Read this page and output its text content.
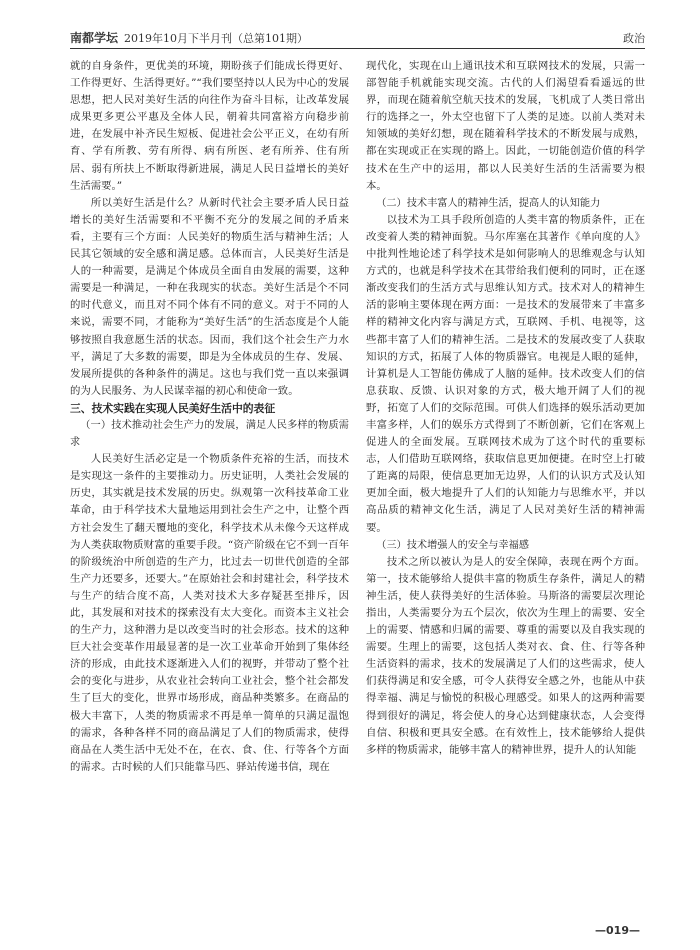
南都学坛 2019年10月下半月刊（总第101期）	政治

就的自身条件，更优美的环境，期盼孩子们能成长得更好、工作得更好、生活得更好。”“我们要坚持以人民为中心的发展思想，把人民对美好生活的向往作为奋斗目标，让改革发展成果更多更公平惠及全体人民，朝着共同富裕方向稳步前进，在发展中补齐民生短板、促进社会公平正义，在幼有所育、学有所教、劳有所得、病有所医、老有所养、住有所居、弱有所扶上不断取得新进展，满足人民日益增长的美好生活需要。”

所以美好生活是什么？从新时代社会主要矛盾人民日益增长的美好生活需要和不平衡不充分的发展之间的矛盾来看，主要有三个方面：人民美好的物质生活与精神生活；人民其它领域的安全感和满足感。总体而言，人民美好生活是人的一种需要，是满足个体成员全面自由发展的需要，这种需要是一种满足，一种在我现实的状态。美好生活是个不同的时代意义，而且对不同个体有不同的意义。对于不同的人来说，需要不同，才能称为“美好生活”的生活态度是个人能够按照自我意愿生活的状态。因而，我们这个社会生产力水平，满足了大多数的需要，即是为全体成员的生存、发展、发展所提供的各种条件的满足。这也与我们党一直以来强调的为人民服务、为人民谋幸福的初心和使命一致。

三、技术实践在实现人民美好生活中的表征
（一）技术推动社会生产力的发展，满足人民多样的物质需求

人民美好生活必定是一个物质条件充裕的生活，而技术是实现这一条件的主要推动力。历史证明，人类社会发展的历史，其实就是技术发展的历史。纵观第一次科技革命工业革命，由于科学技术大量地运用到社会生产之中，让整个西方社会发生了翻天覆地的变化，科学技术从未像今天这样成为人类获取物质财富的重要手段。“资产阶级在它不到一百年的阶级统治中所创造的生产力，比过去一切世代创造的全部生产力还要多，还要大。”在原始社会和封建社会，科学技术与生产的结合度不高，人类对技术大多存疑甚至排斥，因此，其发展和对技术的探索没有太大变化。而资本主义社会的生产力，这种潜力是以改变当时的社会形态。技术的这种巨大社会变革作用最显著的是一次工业革命开始到了集体经济的形成，由此技术逐渐进入人们的视野，并带动了整个社会的变化与进步，从农业社会转向工业社会，整个社会都发生了巨大的变化，世界市场形成，商品种类繁多。在商品的极大丰富下，人类的物质需求不再是单一简单的只满足温饱的需求，各种各样不同的商品满足了人们的物质需求，使得商品在人类生活中无处不在，在衣、食、住、行等各个方面的需求。古时候的人们只能靠马匹、驿站传递书信，现在

现代化，实现在山上通讯技术和互联网技术的发展，只需一部智能手机就能实现交流。古代的人们渴望看看遥远的世界，而现在随着航空航天技术的发展，飞机成了人类日常出行的选择之一，外太空也留下了人类的足迹。以前人类对未知领域的美好幻想，现在随着科学技术的不断发展与成熟，都在实现或正在实现的路上。因此，一切能创造价值的科学技术在生产中的运用，都以人民美好生活的生活需要为根本。

（二）技术丰富人的精神生活，提高人的认知能力

以技术为工具手段所创造的人类丰富的物质条件，正在改变着人类的精神面貌。马尔库塞在其著作《单向度的人》中批判性地论述了科学技术是如何影响人的思维观念与认知方式的，也就是科学技术在其带给我们便利的同时，正在逐渐改变我们的生活方式与思维认知方式。技术对人的精神生活的影响主要体现在两方面：一是技术的发展带来了丰富多样的精神文化内容与满足方式，互联网、手机、电视等，这些都丰富了人们的精神生活。二是技术的发展改变了人获取知识的方式，拓展了人体的物质器官。电视是人眼的延伸，计算机是人工智能仿佛成了人脑的延伸。技术改变人们的信息获取、反馈、认识对象的方式，极大地开阔了人们的视野，拓宽了人们的交际范围。可供人们选择的娱乐活动更加丰富多样，人们的娱乐方式得到了不断创新，它们在客观上促进人的全面发展。互联网技术成为了这个时代的重要标志，人们借助互联网络，获取信息更加便捷。在时空上打破了距离的局限，使信息更加无边界，人们的认识方式及认知更加全面，极大地提升了人们的认知能力与思维水平，并以高品质的精神文化生活，满足了人民对美好生活的精神需要。

（三）技术增强人的安全与幸福感

技术之所以被认为是人的安全保障，表现在两个方面。第一，技术能够给人提供丰富的物质生存条件，满足人的精神生活，使人获得美好的生活体验。马斯洛的需要层次理论指出，人类需要分为五个层次，依次为生理上的需要、安全上的需要、情感和归属的需要、尊重的需要以及自我实现的需要。生理上的需要，这包括人类对衣、食、住、行等各种生活资料的需求，技术的发展满足了人们的这些需求，使人们获得满足和安全感，可令人获得安全感之外，也能从中获得幸福、满足与愉悦的积极心理感受。如果人的这两种需要得到很好的满足，将会使人的身心达到健康状态，人会变得自信、积极和更具安全感。在有效性上，技术能够给人提供多样的物质需求，能够丰富人的精神世界，提升人的认知能

—019—
